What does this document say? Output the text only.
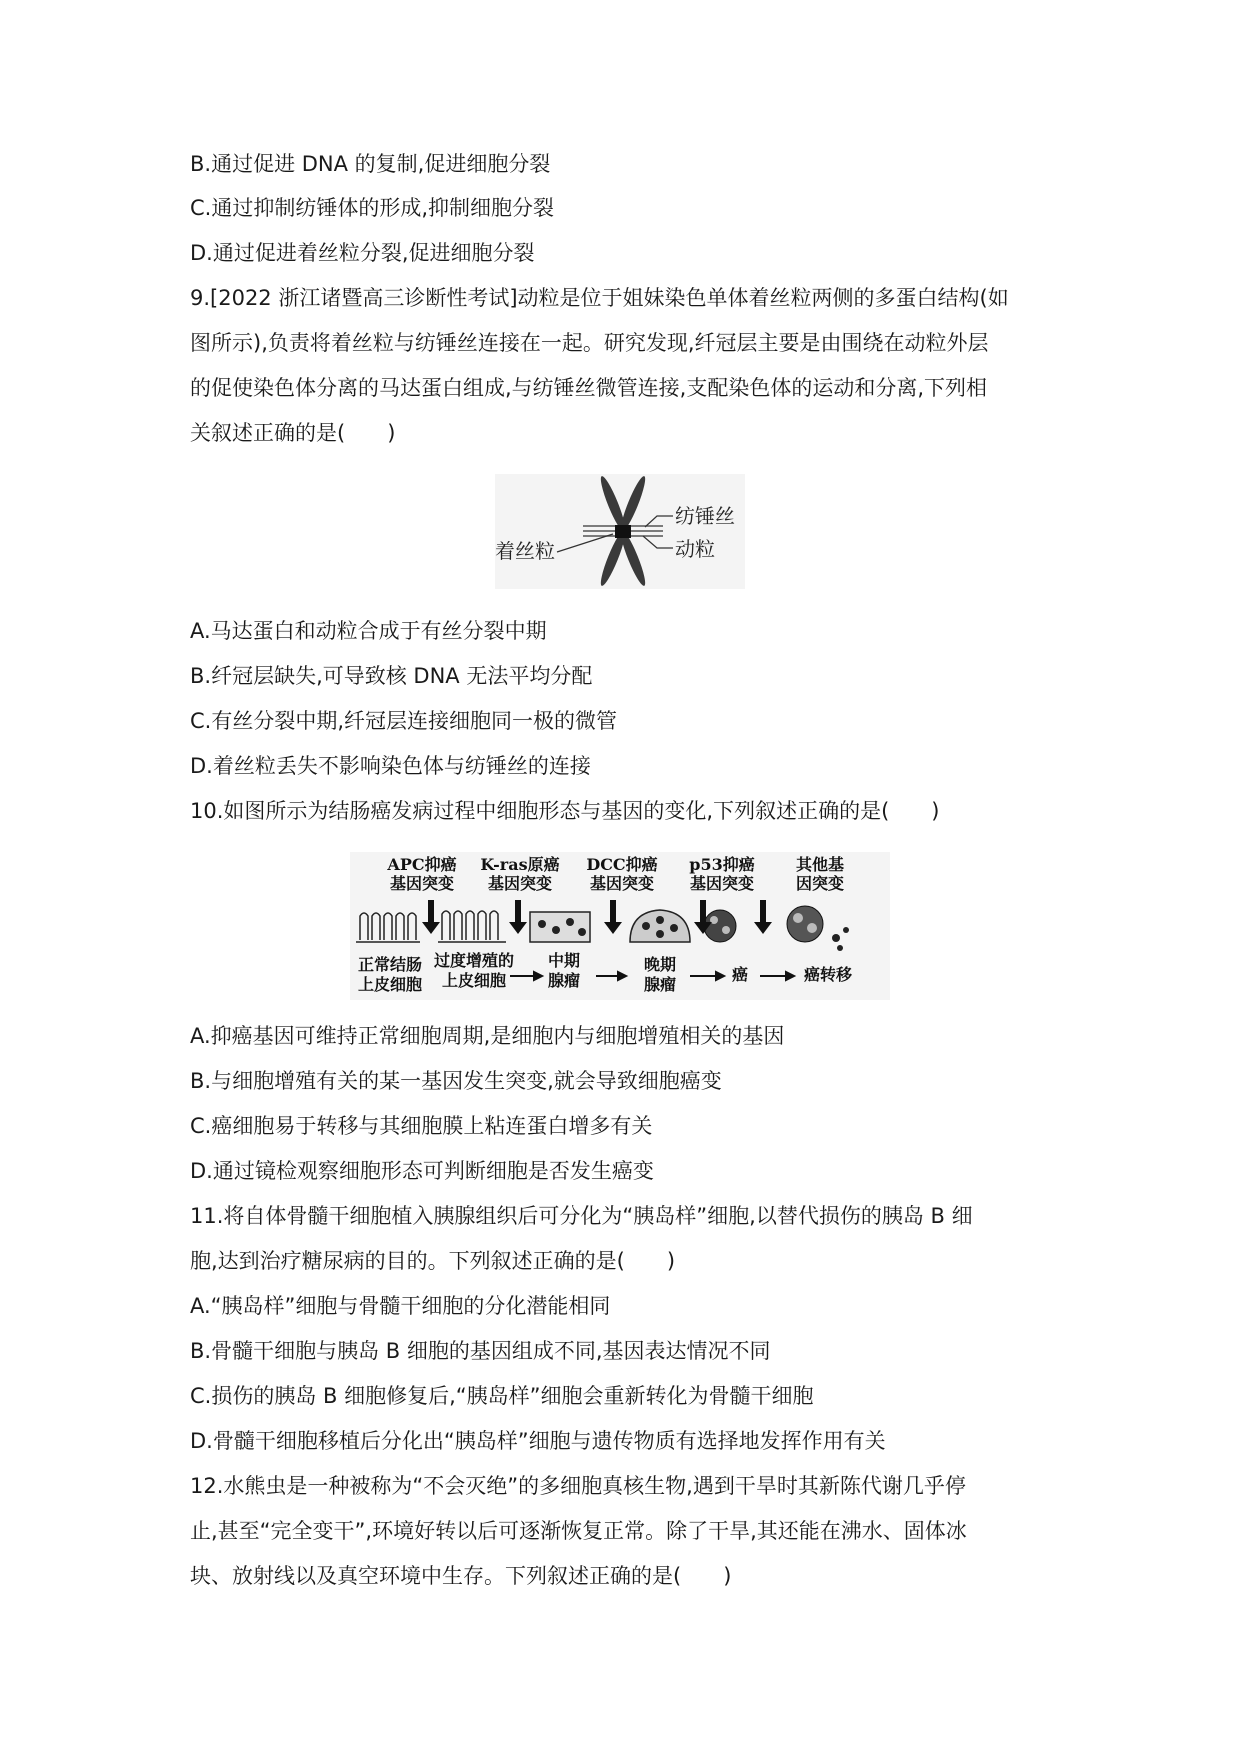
B.通过促进 DNA 的复制,促进细胞分裂
C.通过抑制纺锤体的形成,抑制细胞分裂
D.通过促进着丝粒分裂,促进细胞分裂
9.[2022 浙江诸暨高三诊断性考试]动粒是位于姐妹染色单体着丝粒两侧的多蛋白结构(如
图所示),负责将着丝粒与纺锤丝连接在一起。研究发现,纤冠层主要是由围绕在动粒外层
的促使染色体分离的马达蛋白组成,与纺锤丝微管连接,支配染色体的运动和分离,下列相
关叙述正确的是(　　)
纺锤丝
动粒
着丝粒
A.马达蛋白和动粒合成于有丝分裂中期
B.纤冠层缺失,可导致核 DNA 无法平均分配
C.有丝分裂中期,纤冠层连接细胞同一极的微管
D.着丝粒丢失不影响染色体与纺锤丝的连接
10.如图所示为结肠癌发病过程中细胞形态与基因的变化,下列叙述正确的是(　　)
APC抑癌
基因突变
K-ras原癌
基因突变
DCC抑癌
基因突变
p53抑癌
基因突变
其他基
因突变
正常结肠
上皮细胞
过度增殖的
上皮细胞
中期
腺瘤
晚期
腺瘤
癌	癌转移
A.抑癌基因可维持正常细胞周期,是细胞内与细胞增殖相关的基因
B.与细胞增殖有关的某一基因发生突变,就会导致细胞癌变
C.癌细胞易于转移与其细胞膜上粘连蛋白增多有关
D.通过镜检观察细胞形态可判断细胞是否发生癌变
11.将自体骨髓干细胞植入胰腺组织后可分化为“胰岛样”细胞,以替代损伤的胰岛 B 细
胞,达到治疗糖尿病的目的。下列叙述正确的是(　　)
A.“胰岛样”细胞与骨髓干细胞的分化潜能相同
B.骨髓干细胞与胰岛 B 细胞的基因组成不同,基因表达情况不同
C.损伤的胰岛 B 细胞修复后,“胰岛样”细胞会重新转化为骨髓干细胞
D.骨髓干细胞移植后分化出“胰岛样”细胞与遗传物质有选择地发挥作用有关
12.水熊虫是一种被称为“不会灭绝”的多细胞真核生物,遇到干旱时其新陈代谢几乎停
止,甚至“完全变干”,环境好转以后可逐渐恢复正常。除了干旱,其还能在沸水、固体冰
块、放射线以及真空环境中生存。下列叙述正确的是(　　)
